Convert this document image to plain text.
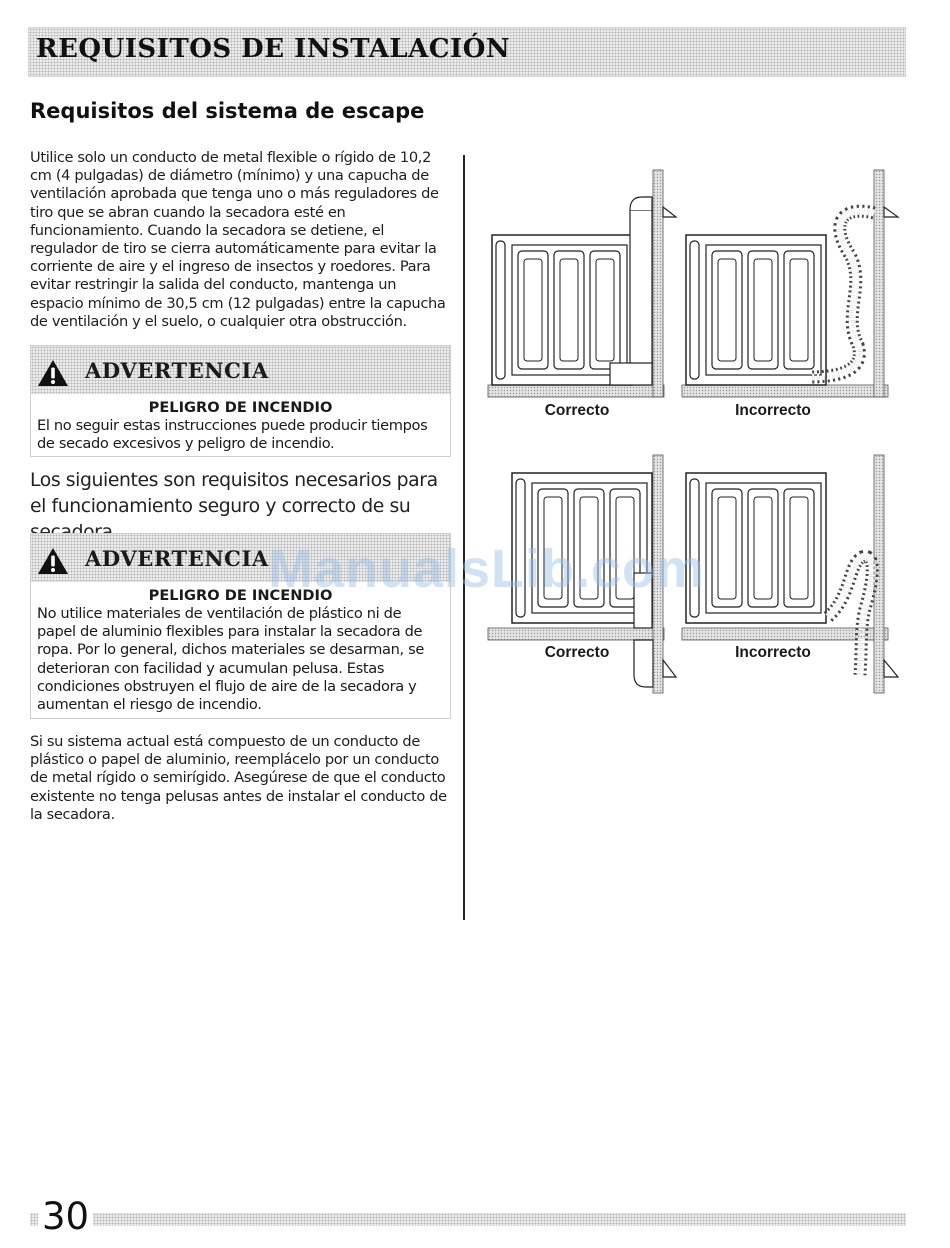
REQUISITOS DE INSTALACIÓN
Requisitos del sistema de escape

Utilice solo un conducto de metal flexible o rígido de 10,2 cm (4 pulgadas) de diámetro (mínimo) y una capucha de ventilación aprobada que tenga uno o más reguladores de tiro que se abran cuando la secadora esté en funcionamiento. Cuando la secadora se detiene, el regulador de tiro se cierra automáticamente para evitar la corriente de aire y el ingreso de insectos y roedores. Para evitar restringir la salida del conducto, mantenga un espacio mínimo de 30,5 cm (12 pulgadas) entre la capucha de ventilación y el suelo, o cualquier otra obstrucción.

ADVERTENCIA
PELIGRO DE INCENDIO
El no seguir estas instrucciones puede producir tiempos de secado excesivos y peligro de incendio.

Los siguientes son requisitos necesarios para el funcionamiento seguro y correcto de su

ADVERTENCIA
PELIGRO DE INCENDIO
No utilice materiales de ventilación de plástico ni de papel de aluminio flexibles para instalar la secadora de ropa. Por lo general, dichos materiales se desarman, se deterioran con facilidad y acumulan pelusa. Estas condiciones obstruyen el flujo de aire de la secadora y aumentan el riesgo de incendio.

Si su sistema actual está compuesto de un conducto de plástico o papel de aluminio, reemplácelo por un conducto de metal rígido o semirígido. Asegúrese de que el conducto existente no tenga pelusas antes de instalar el conducto de la secadora.

Correcto	Incorrecto
Correcto	Incorrecto
ManualsLib.com
30
